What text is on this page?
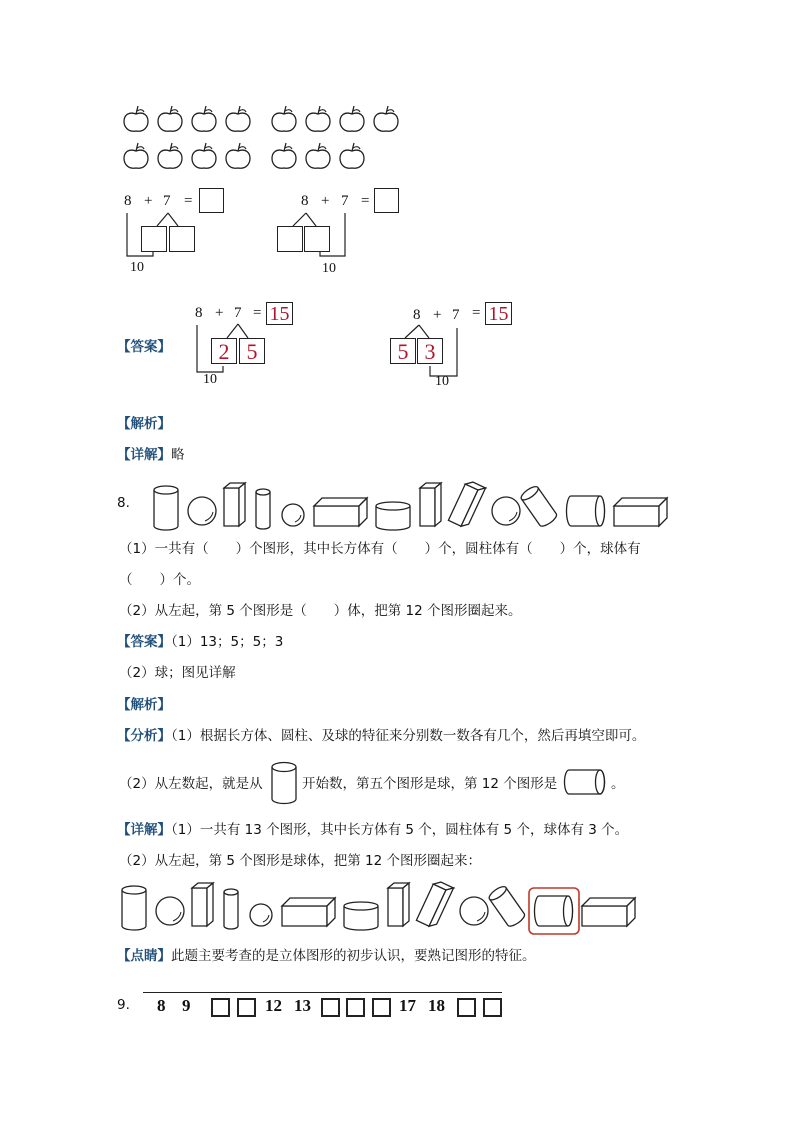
8 + 7 =
10
8 + 7 =
10
【答案】
8 + 7 = 15
2 5
10
8 + 7 = 15
5 3
10
【解析】
【详解】略
8.
（1）一共有（　　）个图形，其中长方体有（　　）个，圆柱体有（　　）个，球体有
（　　）个。
（2）从左起，第 5 个图形是（　　）体，把第 12 个图形圈起来。
【答案】（1）13；5；5；3
（2）球；图见详解
【解析】
【分析】（1）根据长方体、圆柱、及球的特征来分别数一数各有几个，然后再填空即可。
（2）从左数起，就是从	开始数，第五个图形是球，第 12 个图形是	。
【详解】（1）一共有 13 个图形，其中长方体有 5 个，圆柱体有 5 个，球体有 3 个。
（2）从左起，第 5 个图形是球体，把第 12 个图形圈起来：
【点睛】此题主要考查的是立体图形的初步认识，要熟记图形的特征。
9. 8 9	12 13	17 18
